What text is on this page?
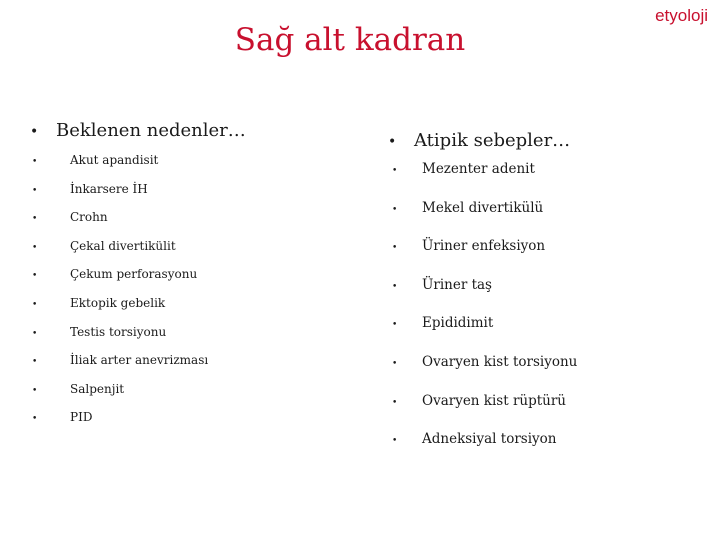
etyoloji
Sağ alt kadran
• Beklenen nedenler…
•	Akut apandisit
•	İnkarsere İH
•	Crohn
•	Çekal divertikülit
•	Çekum perforasyonu
•	Ektopik gebelik
•	Testis torsiyonu
•	İliak arter anevrizması
•	Salpenjit
•	PID
• Atipik sebepler…
•	Mezenter adenit
•	Mekel divertikülü
•	Üriner enfeksiyon
•	Üriner taş
•	Epididimit
•	Ovaryen kist torsiyonu
•	Ovaryen kist rüptürü
•	Adneksiyal torsiyon
